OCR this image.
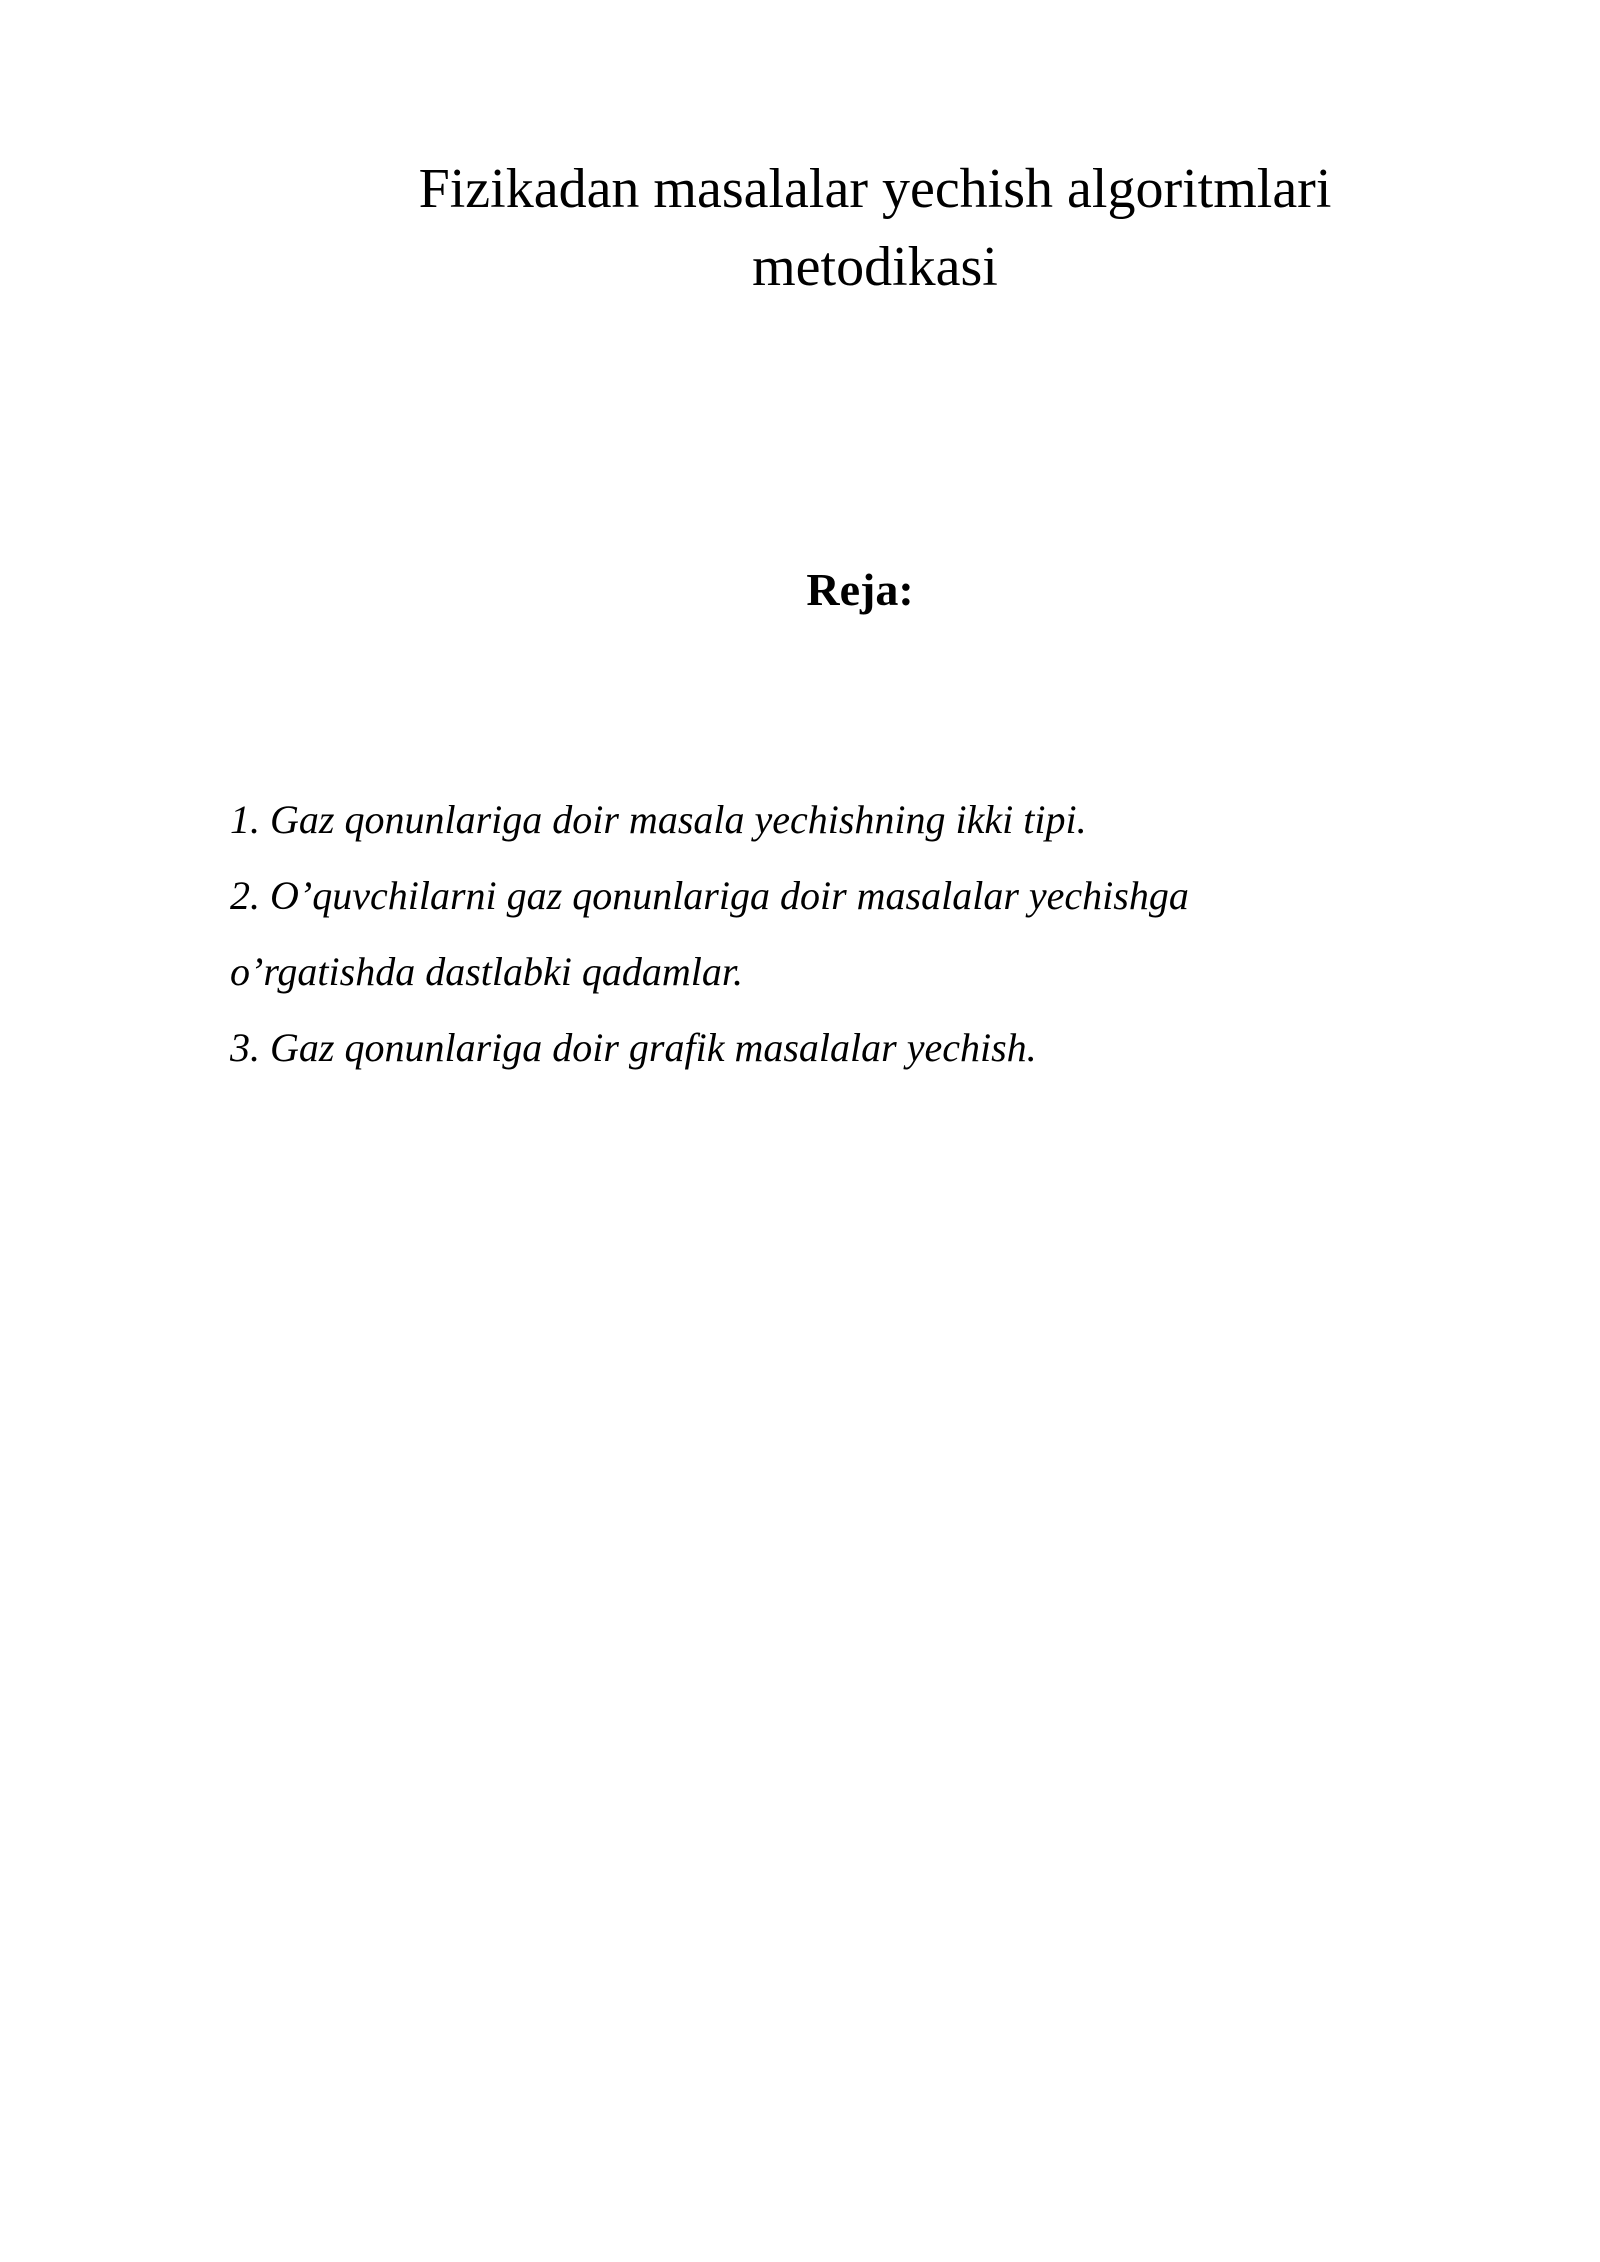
Fizikadan masalalar yechish algoritmlari
metodikasi
Reja:
1. Gaz qonunlariga doir masala yechishning ikki tipi.
2. O’quvchilarni gaz qonunlariga doir masalalar yechishga
o’rgatishda dastlabki qadamlar.
3. Gaz qonunlariga doir grafik masalalar yechish.
